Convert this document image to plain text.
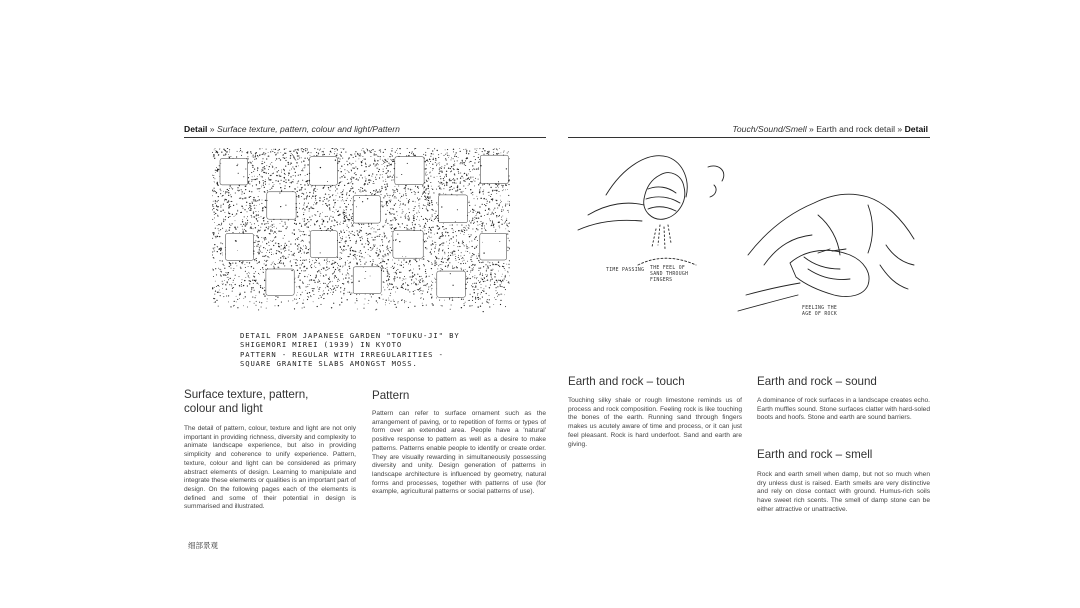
Detail » Surface texture, pattern, colour and light/Pattern
DETAIL FROM JAPANESE GARDEN "TOFUKU-JI" BY
SHIGEMORI MIREI (1939) IN KYOTO
PATTERN - REGULAR WITH IRREGULARITIES -
SQUARE GRANITE SLABS AMONGST MOSS.
Surface texture, pattern,
colour and light

The detail of pattern, colour, texture and light are not only important in providing richness, diversity and complexity to animate landscape experience, but also in providing simplicity and coherence to unify experience. Pattern, texture, colour and light can be considered as primary abstract elements of design. Learning to manipulate and integrate these elements or qualities is an important part of design. On the following pages each of the elements is defined and some of their potential in design is summarised and illustrated.

Pattern

Pattern can refer to surface ornament such as the arrangement of paving, or to repetition of forms or types of form over an extended area. People have a 'natural' positive response to pattern as well as a desire to make patterns. Patterns enable people to identify or create order. They are visually rewarding in simultaneously possessing diversity and unity. Design generation of patterns in landscape architecture is influenced by geometry, natural forms and processes, together with patterns of use (for example, agricultural patterns or social patterns of use).

细部景观
Touch/Sound/Smell » Earth and rock detail » Detail
TIME PASSING THE FEEL OF
SAND THROUGH
FINGERS
FEELING THE
AGE OF ROCK
Earth and rock – touch

Touching silky shale or rough limestone reminds us of process and rock composition. Feeling rock is like touching the bones of the earth. Running sand through fingers makes us acutely aware of time and process, or it can just feel pleasant. Rock is hard underfoot. Sand and earth are giving.

Earth and rock – sound

A dominance of rock surfaces in a landscape creates echo. Earth muffles sound. Stone surfaces clatter with hard-soled boots and hoofs. Stone and earth are sound barriers.

Earth and rock – smell

Rock and earth smell when damp, but not so much when dry unless dust is raised. Earth smells are very distinctive and rely on close contact with ground. Humus-rich soils have sweet rich scents. The smell of damp stone can be either attractive or unattractive.
